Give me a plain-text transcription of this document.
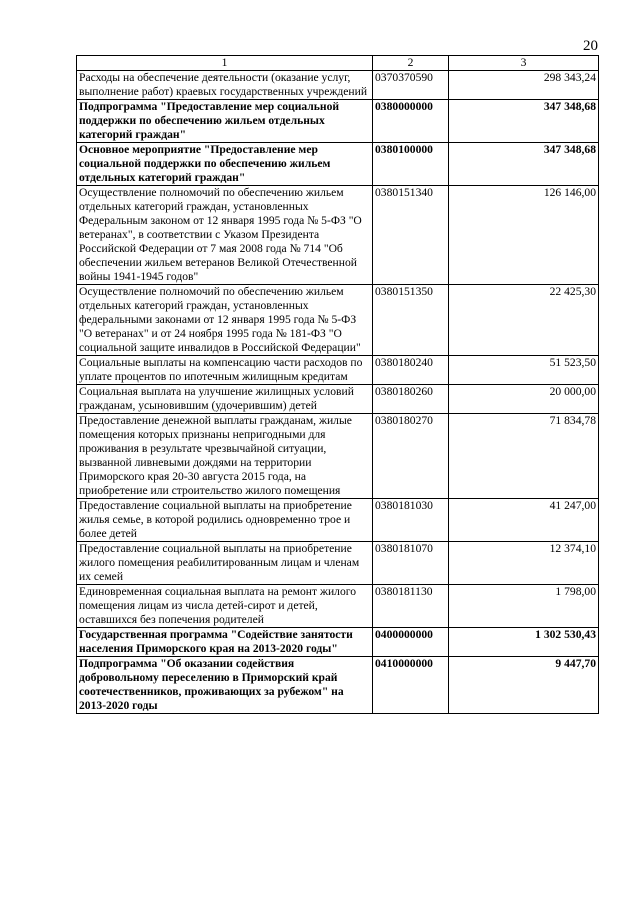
20
1	2	3
Расходы на обеспечение деятельности (оказание услуг, выполнение работ) краевых государственных учреждений	0370370590	298 343,24
Подпрограмма "Предоставление мер социальной поддержки по обеспечению жильем отдельных категорий граждан"	0380000000	347 348,68
Основное мероприятие "Предоставление мер социальной поддержки по обеспечению жильем отдельных категорий граждан"	0380100000	347 348,68
Осуществление полномочий по обеспечению жильем отдельных категорий граждан, установленных Федеральным законом от 12 января 1995 года № 5-ФЗ "О ветеранах", в соответствии с Указом Президента Российской Федерации от 7 мая 2008 года № 714 "Об обеспечении жильем ветеранов Великой Отечественной войны 1941-1945 годов"	0380151340	126 146,00
Осуществление полномочий по обеспечению жильем отдельных категорий граждан, установленных федеральными законами от 12 января 1995 года № 5-ФЗ "О ветеранах" и от 24 ноября 1995 года № 181-ФЗ "О социальной защите инвалидов в Российской Федерации"	0380151350	22 425,30
Социальные выплаты на компенсацию части расходов по уплате процентов по ипотечным жилищным кредитам	0380180240	51 523,50
Социальная выплата на улучшение жилищных условий гражданам, усыновившим (удочерившим) детей	0380180260	20 000,00
Предоставление денежной выплаты гражданам, жилые помещения которых признаны непригодными для проживания в результате чрезвычайной ситуации, вызванной ливневыми дождями на территории Приморского края 20-30 августа 2015 года, на приобретение или строительство жилого помещения	0380180270	71 834,78
Предоставление социальной выплаты на приобретение жилья семье, в которой родились одновременно трое и более детей	0380181030	41 247,00
Предоставление социальной выплаты на приобретение жилого помещения реабилитированным лицам и членам их семей	0380181070	12 374,10
Единовременная социальная выплата на ремонт жилого помещения лицам из числа детей-сирот и детей, оставшихся без попечения родителей	0380181130	1 798,00
Государственная программа "Содействие занятости населения Приморского края на 2013-2020 годы"	0400000000	1 302 530,43
Подпрограмма "Об оказании содействия добровольному переселению в Приморский край соотечественников, проживающих за рубежом" на 2013-2020 годы	0410000000	9 447,70
